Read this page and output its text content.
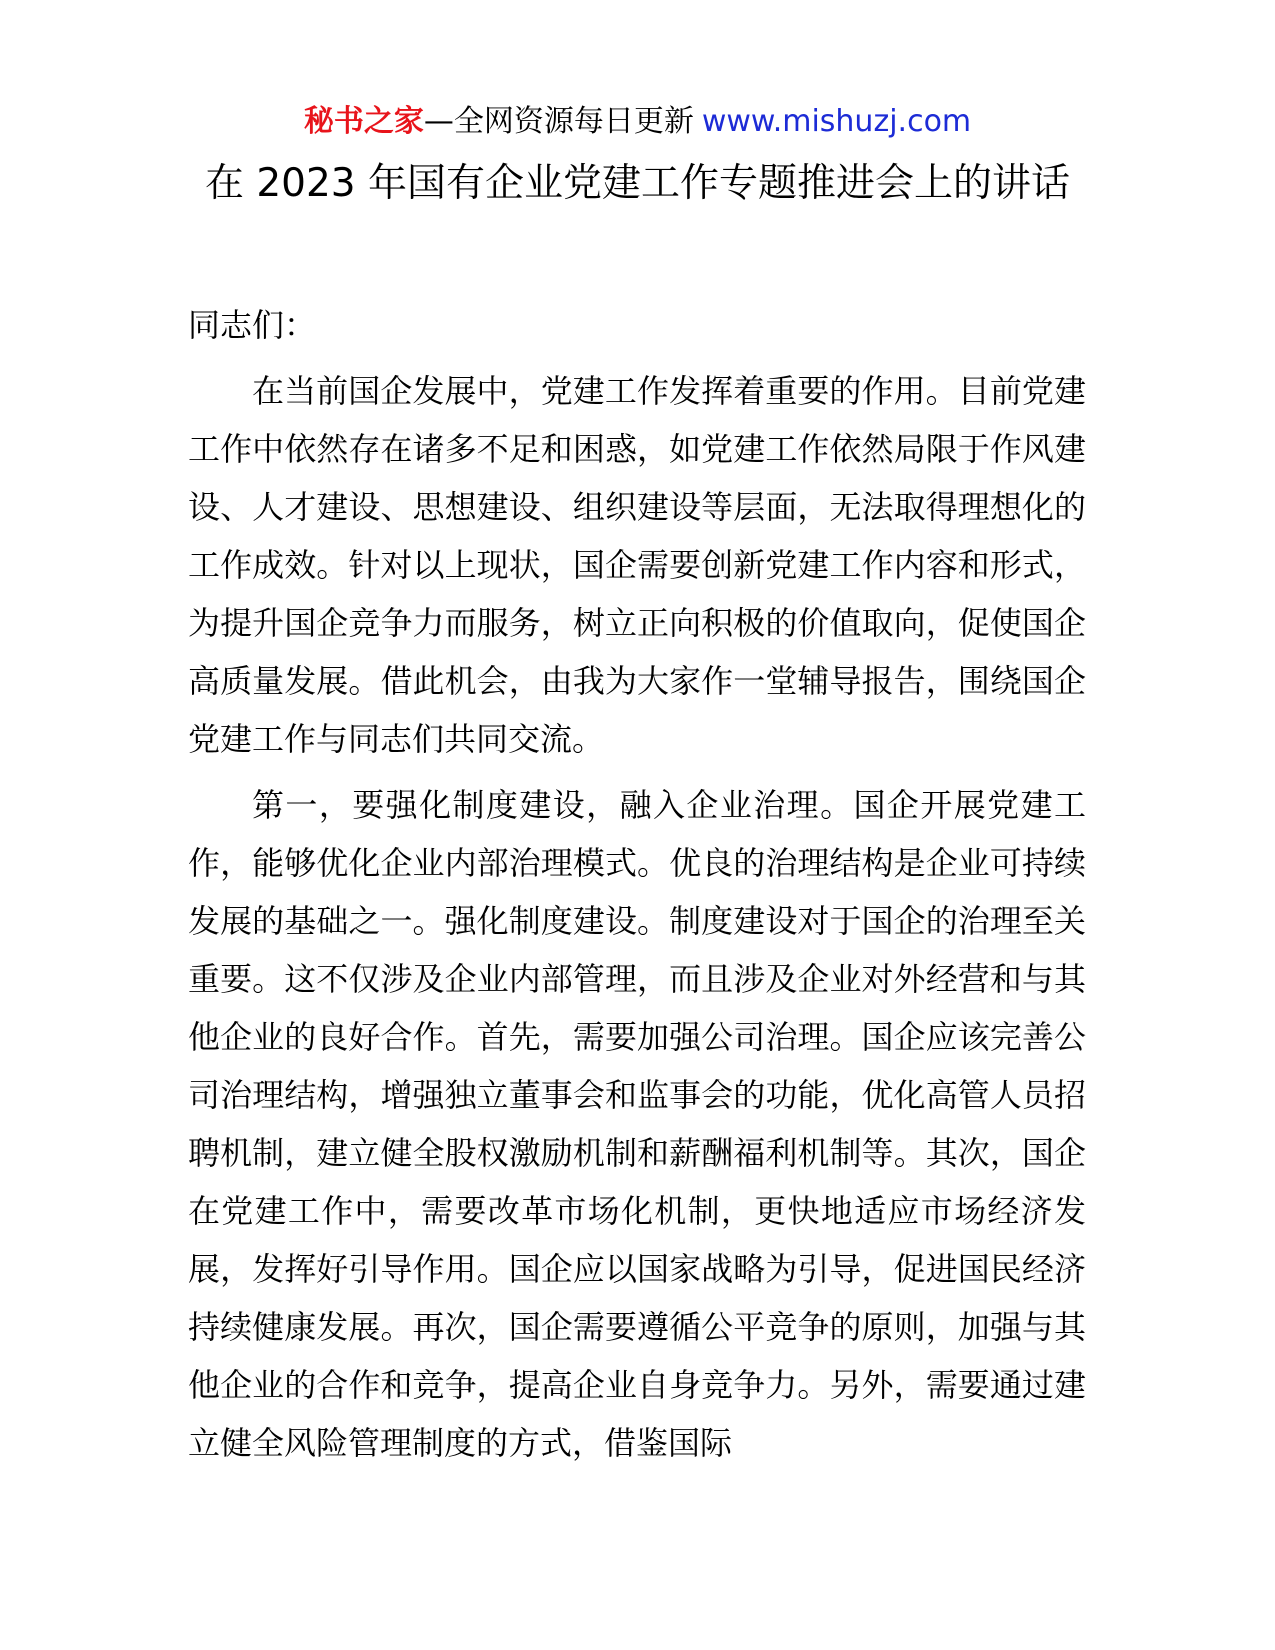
秘书之家—全网资源每日更新 www.mishuzj.com
在 2023 年国有企业党建工作专题推进会上的讲话

同志们：

在当前国企发展中，党建工作发挥着重要的作用。目前党建工作中依然存在诸多不足和困惑，如党建工作依然局限于作风建设、人才建设、思想建设、组织建设等层面，无法取得理想化的工作成效。针对以上现状，国企需要创新党建工作内容和形式，为提升国企竞争力而服务，树立正向积极的价值取向，促使国企高质量发展。借此机会，由我为大家作一堂辅导报告，围绕国企党建工作与同志们共同交流。

第一，要强化制度建设，融入企业治理。国企开展党建工作，能够优化企业内部治理模式。优良的治理结构是企业可持续发展的基础之一。强化制度建设。制度建设对于国企的治理至关重要。这不仅涉及企业内部管理，而且涉及企业对外经营和与其他企业的良好合作。首先，需要加强公司治理。国企应该完善公司治理结构，增强独立董事会和监事会的功能，优化高管人员招聘机制，建立健全股权激励机制和薪酬福利机制等。其次，国企在党建工作中，需要改革市场化机制，更快地适应市场经济发展，发挥好引导作用。国企应以国家战略为引导，促进国民经济持续健康发展。再次，国企需要遵循公平竞争的原则，加强与其他企业的合作和竞争，提高企业自身竞争力。另外，需要通过建立健全风险管理制度的方式，借鉴国际
